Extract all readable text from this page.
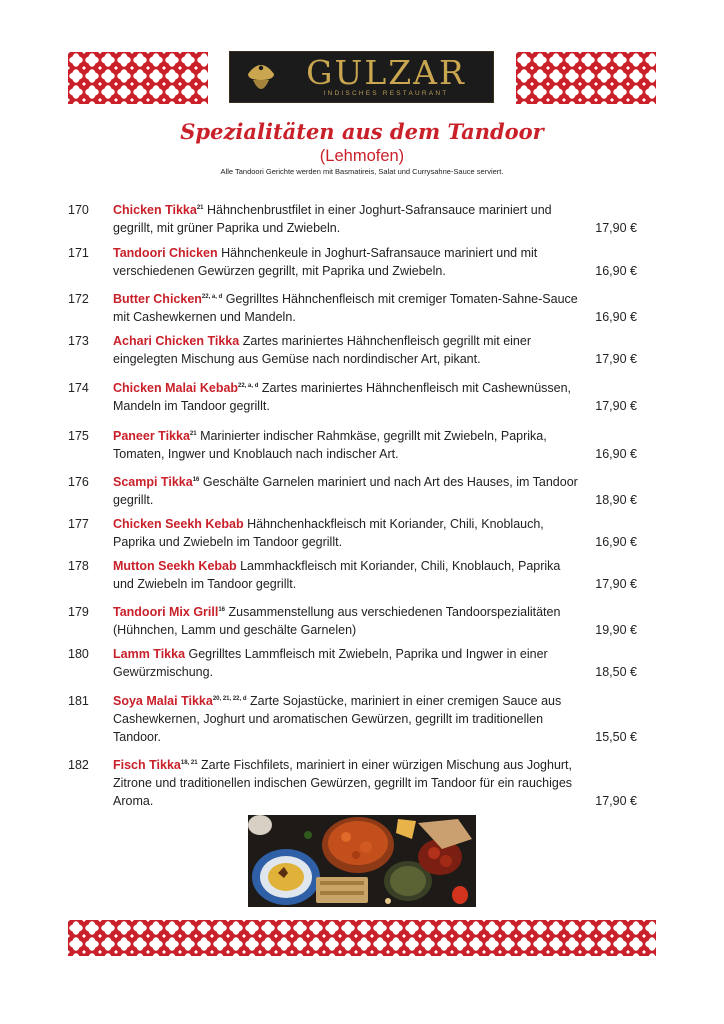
GULZAR
INDISCHES RESTAURANT
Spezialitäten aus dem Tandoor
(Lehmofen)
Alle Tandoori Gerichte werden mit Basmatireis, Salat und Currysahne-Sauce serviert.
170 Chicken Tikka$^{21}$ Hähnchenbrustfilet in einer Joghurt-Safransauce mariniert und gegrillt, mit grüner Paprika und Zwiebeln.	17,90 €
171 Tandoori Chicken Hähnchenkeule in Joghurt-Safransauce mariniert und mit verschiedenen Gewürzen gegrillt, mit Paprika und Zwiebeln.	16,90 €
172 Butter Chicken$^{22, a, d}$ Gegrilltes Hähnchenfleisch mit cremiger Tomaten-Sahne-Sauce mit Cashewkernen und Mandeln.	16,90 €
173 Achari Chicken Tikka Zartes mariniertes Hähnchenfleisch gegrillt mit einer eingelegten Mischung aus Gemüse nach nordindischer Art, pikant.	17,90 €
174 Chicken Malai Kebab$^{22, a, d}$ Zartes mariniertes Hähnchenfleisch mit Cashewnüssen, Mandeln im Tandoor gegrillt.	17,90 €
175 Paneer Tikka$^{21}$ Marinierter indischer Rahmkäse, gegrillt mit Zwiebeln, Paprika, Tomaten, Ingwer und Knoblauch nach indischer Art.	16,90 €
176 Scampi Tikka$^{16}$ Geschälte Garnelen mariniert und nach Art des Hauses, im Tandoor gegrillt.	18,90 €
177 Chicken Seekh Kebab Hähnchenhackfleisch mit Koriander, Chili, Knoblauch, Paprika und Zwiebeln im Tandoor gegrillt.	16,90 €
178 Mutton Seekh Kebab Lammhackfleisch mit Koriander, Chili, Knoblauch, Paprika und Zwiebeln im Tandoor gegrillt.	17,90 €
179 Tandoori Mix Grill$^{16}$ Zusammenstellung aus verschiedenen Tandoorspezialitäten (Hühnchen, Lamm und geschälte Garnelen)	19,90 €
180 Lamm Tikka Gegrilltes Lammfleisch mit Zwiebeln, Paprika und Ingwer in einer Gewürzmischung.	18,50 €
181 Soya Malai Tikka$^{20, 21, 22, d}$ Zarte Sojastücke, mariniert in einer cremigen Sauce aus Cashewkernen, Joghurt und aromatischen Gewürzen, gegrillt im traditionellen Tandoor.	15,50 €
182 Fisch Tikka$^{18, 21}$ Zarte Fischfilets, mariniert in einer würzigen Mischung aus Joghurt, Zitrone und traditionellen indischen Gewürzen, gegrillt im Tandoor für ein rauchiges Aroma.	17,90 €
